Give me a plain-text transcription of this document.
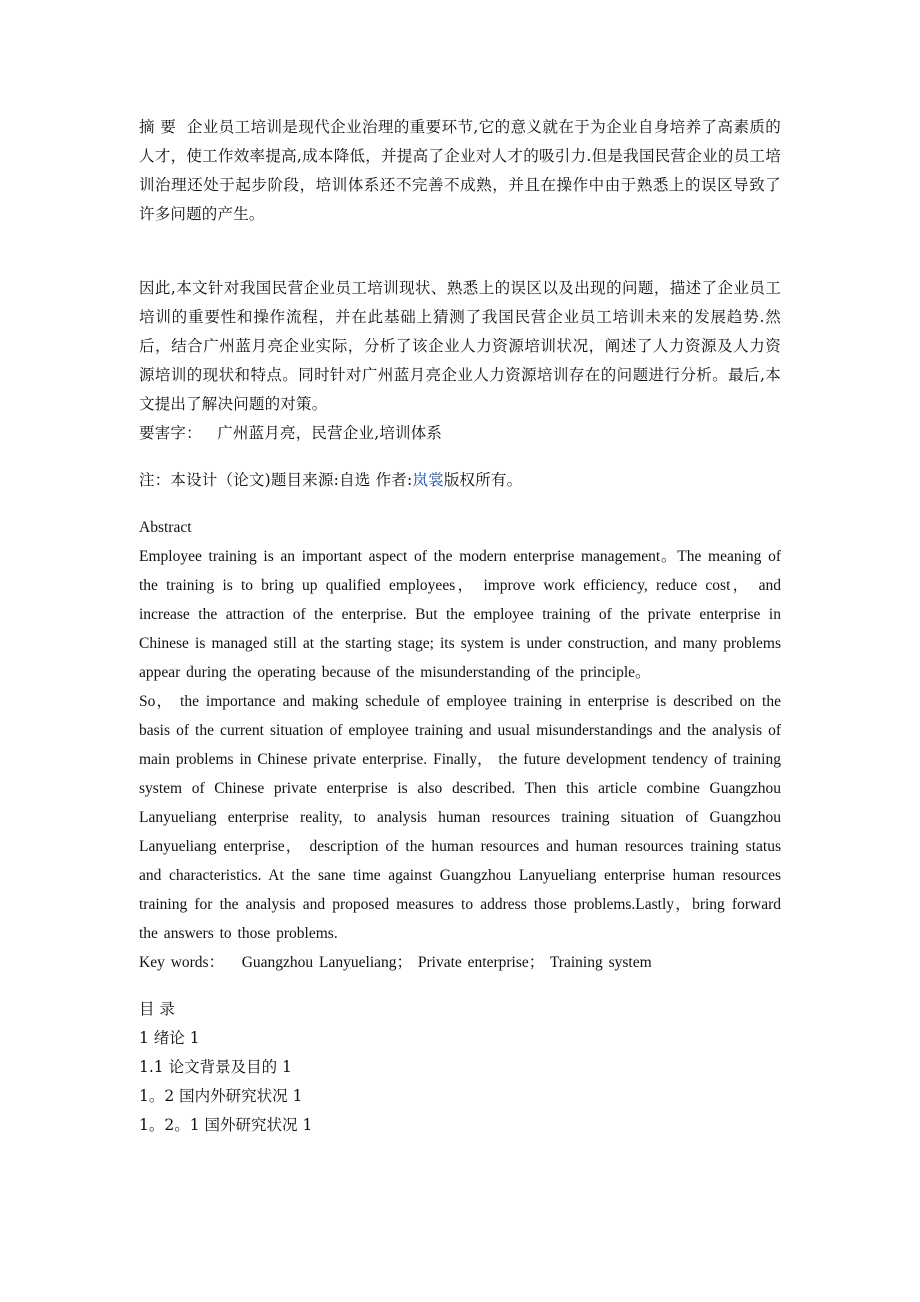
摘 要 企业员工培训是现代企业治理的重要环节,它的意义就在于为企业自身培养了高素质的人才，使工作效率提高,成本降低，并提高了企业对人才的吸引力.但是我国民营企业的员工培训治理还处于起步阶段，培训体系还不完善不成熟，并且在操作中由于熟悉上的误区导致了许多问题的产生。

因此,本文针对我国民营企业员工培训现状、熟悉上的误区以及出现的问题，描述了企业员工培训的重要性和操作流程，并在此基础上猜测了我国民营企业员工培训未来的发展趋势.然后，结合广州蓝月亮企业实际，分析了该企业人力资源培训状况，阐述了人力资源及人力资源培训的现状和特点。同时针对广州蓝月亮企业人力资源培训存在的问题进行分析。最后,本文提出了解决问题的对策。

要害字： 广州蓝月亮，民营企业,培训体系

注：本设计（论文)题目来源:自选 作者:岚裳版权所有。

Abstract

Employee training is an important aspect of the modern enterprise management。The meaning of the training is to bring up qualified employees， improve work efficiency, reduce cost， and increase the attraction of the enterprise. But the employee training of the private enterprise in Chinese is managed still at the starting stage; its system is under construction, and many problems appear during the operating because of the misunderstanding of the principle。

So， the importance and making schedule of employee training in enterprise is described on the basis of the current situation of employee training and usual misunderstandings and the analysis of main problems in Chinese private enterprise. Finally， the future development tendency of training system of Chinese private enterprise is also described. Then this article combine Guangzhou Lanyueliang enterprise reality, to analysis human resources training situation of Guangzhou Lanyueliang enterprise， description of the human resources and human resources training status and characteristics. At the sane time against Guangzhou Lanyueliang enterprise human resources training for the analysis and proposed measures to address those problems.Lastly，bring forward the answers to those problems.

Key words： Guangzhou Lanyueliang； Private enterprise； Training system

目 录

1 绪论 1

1.1 论文背景及目的 1

1。2 国内外研究状况 1

1。2。1 国外研究状况 1
